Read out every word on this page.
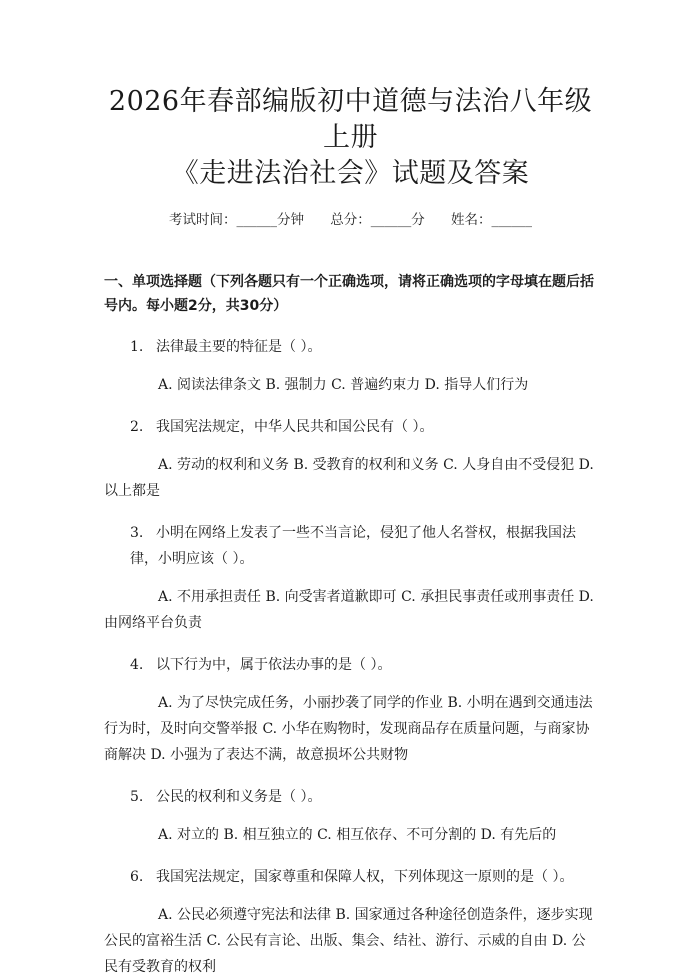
2026年春部编版初中道德与法治八年级上册
《走进法治社会》试题及答案
考试时间：______分钟 总分：______分 姓名：______
一、单项选择题（下列各题只有一个正确选项，请将正确选项的字母填在题后括号内。每小题2分，共30分）
1. 法律最主要的特征是（ ）。
A. 阅读法律条文 B. 强制力 C. 普遍约束力 D. 指导人们行为
2. 我国宪法规定，中华人民共和国公民有（ ）。
A. 劳动的权利和义务 B. 受教育的权利和义务 C. 人身自由不受侵犯 D. 以上都是
3. 小明在网络上发表了一些不当言论，侵犯了他人名誉权，根据我国法律，小明应该（ ）。
A. 不用承担责任 B. 向受害者道歉即可 C. 承担民事责任或刑事责任 D. 由网络平台负责
4. 以下行为中，属于依法办事的是（ ）。
A. 为了尽快完成任务，小丽抄袭了同学的作业 B. 小明在遇到交通违法行为时，及时向交警举报 C. 小华在购物时，发现商品存在质量问题，与商家协商解决 D. 小强为了表达不满，故意损坏公共财物
5. 公民的权利和义务是（ ）。
A. 对立的 B. 相互独立的 C. 相互依存、不可分割的 D. 有先后的
6. 我国宪法规定，国家尊重和保障人权，下列体现这一原则的是（ ）。
A. 公民必须遵守宪法和法律 B. 国家通过各种途径创造条件，逐步实现公民的富裕生活 C. 公民有言论、出版、集会、结社、游行、示威的自由 D. 公民有受教育的权利
